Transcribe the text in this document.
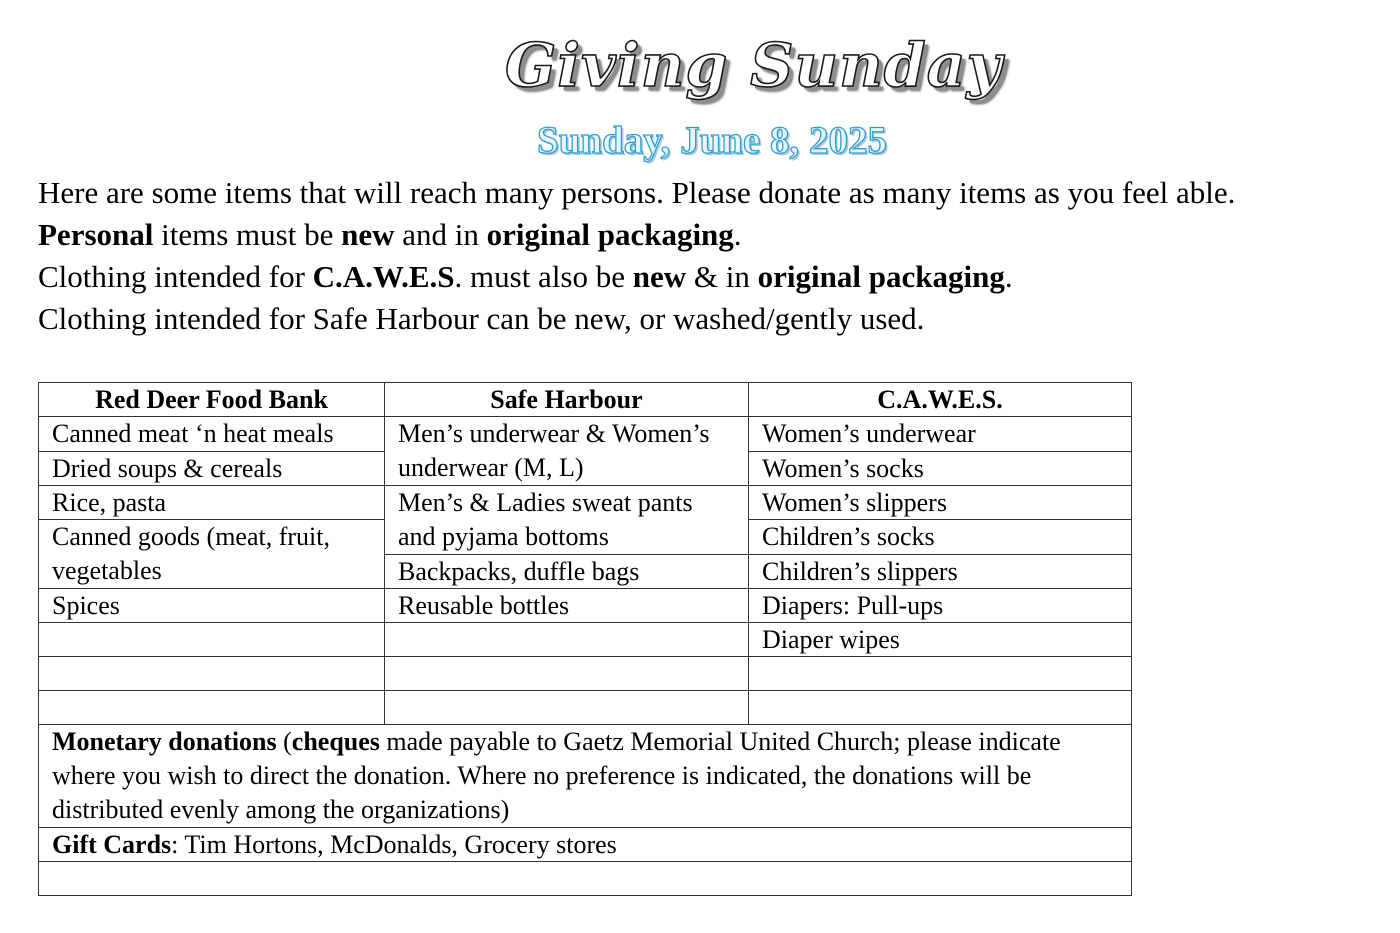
Giving Sunday
Sunday, June 8, 2025

Here are some items that will reach many persons. Please donate as many items as you feel able.

Personal items must be new and in original packaging.

Clothing intended for C.A.W.E.S. must also be new & in original packaging.

Clothing intended for Safe Harbour can be new, or washed/gently used.

Red Deer Food Bank	Safe Harbour	C.A.W.E.S.
Canned meat ‘n heat meals	Men’s underwear & Women’s underwear (M, L)	Women’s underwear
Dried soups & cereals		Women’s socks
Rice, pasta	Men’s & Ladies sweat pants and pyjama bottoms	Women’s slippers
Canned goods (meat, fruit, vegetables		Children’s socks
	Backpacks, duffle bags	Children’s slippers
Spices	Reusable bottles	Diapers: Pull-ups
		Diaper wipes

Monetary donations (cheques made payable to Gaetz Memorial United Church; please indicate where you wish to direct the donation. Where no preference is indicated, the donations will be distributed evenly among the organizations)		
Gift Cards: Tim Hortons, McDonalds, Grocery stores		
